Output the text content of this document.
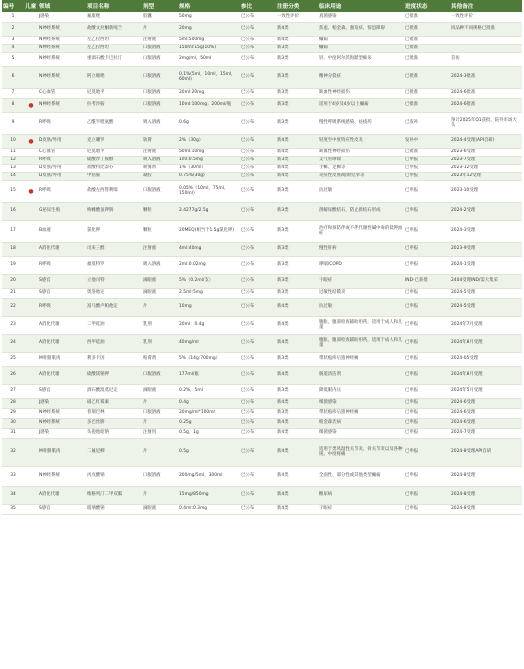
编号	儿童	领域	项目名称	剂型	规格	参比	注册分类	临床用途	进度状态	其他备注
1		J感染	氟康唑	胶囊	50mg	已公布	一致性评价	真菌感染	已批准	一致性评价
2		N神经系统	盐酸文拉酮新嘧兰	片	20mg	已公布	新4类	焦虑、帕金森、强迫症、惊恐障碍	已批准	同品种不同规格已批准
3		N神经系统	左乙拉西坦	注射液	5ml:500mg	已公布	新4类	癫痫	已批准	
4		N神经系统	左乙拉西坦	口服溶液	150ml:15g(10%)	已公布	新3类	癫痫	已批准	
5		N神经系统	重酒石酸卡巴拉汀	口服溶液	2mg/ml，50ml	已公布	新3类	轻、中度阿尔茨海默型痴呆	已批准	首仿
6		N神经系统	阿立哌唑	口服溶液	0.1%(5ml，10ml，15ml，60ml)	已公布	新3类	精神分裂症	已批准	2024-3批准
7		C心血管	尼莫地平	口服溶液	20ml:20mg	已公布	新3类	缺血性神经损伤	已批准	2024-6批准
8	●	N神经系统	拉考沙胺	口服溶液	10ml:100mg；200ml/瓶	已公布	新3类	适用于4岁及4岁以上癫痫	已批准	2024-6批准
9		R呼吸	乙酰半胱氨酸	吸入溶液	0.6g	已公布	新3类	慢性呼吸系统感染、祛痰药	已发补	预计2025年Q1获批，院外市场大头
10	●	D皮肤/外用	克立硼罗	软膏	2%（30g）	已公布	新4类	轻度至中度特应性皮炎	发补中	2024-4受理(API自研)
11		C心血管	尼莫地平	注射液	50ml:10mg	已公布	新4类	缺血性神经损伤	已批准	2023-6受理
12		R呼吸	硫酸沙丁胺醇	吸入溶液	1ml:0.5mg	已公布	新3类	支气管哮喘	已申报	2023-7受理
13		D皮肤/外用	盐酸特比萘芬	喷雾剂	1%（30ml）	已公布	新4类	手癣、足癣等	已申报	2023-12受理
14		D皮肤/外用	甲钴胺	凝胶	0.75%(30g)	已公布	新4类	炎症性皮肤/眼睑痉挛等	已申报	2023年12受理
15	●	R呼吸	盐酸左西替利嗪	口服溶液	0.05%（10ml，75ml，150ml）	已公布	新3类	抗过敏	已申报	2023-10受理
16		G泌尿生殖	枸橼酸氢钾钠	颗粒	2.4277g/2.5g	已公布	新3类	溶解尿酸结石，防止新结石形成	已申报	2024-2受理
17		B血液	氯化钾	颗粒	20MEQ(相当于1.5g氯化钾)	已公布	新3类	治疗和预防伴或不伴代谢性碱中毒的低钾血症	已申报	2024-3受理
18		A消化代谢	司来三醇	注射液	4ml:40mg	已公布	新3类	慢性肝病	已申报	2023-9受理
19		R呼吸	福莫特罗	吸入溶液	2ml:0.02mg	已公布	新3类	哮喘/COPD	已申报	2024-1受理
20		S感官	立他司特	滴眼液	5%（0.2ml/支）	已公布	新3类	干眼症	IND-已获批	2404受理IND/需大集采
21		S感官	奥洛他定	滴眼液	2.5ml:5mg	已公布	新3类	过敏性结膜炎	已申报	2024-5受理
22		R呼吸	富马酸卢帕他定	片	10mg	已公布	新4类	抗过敏	已申报	2024-5受理
23		A消化代谢	二甲硅油	乳剂	20ml：0.4g	已公布	新4类	腹胀，腹部检查辅助用药，适用于成人和儿童	已申报	2024年7月受理
24		A消化代谢	西甲硅油	乳剂	40mg/ml	已公布	新4类	腹胀，腹部检查辅助用药，适用于成人和儿童	已申报	2024年8月受理
25		M骨骼肌肉	利多卡因	贴膏剂	5%（14g:700mg）	已公布	新3类	带状疱疹后遗神经痛	已申报	2024-05受理
26		A消化代谢	硫酸镁钠钾	口服溶液	177ml/瓶	已公布	新4类	肠道清洁剂	已申报	2024年8月受理
27		S感官	酒石酸溴莫尼定	滴眼液	0.2%，5ml	已公布	新3类	降低眼内压	已申报	2024年5月受理
28		J感染	硝乙红霉素	片	0.4g	已公布	新4类	细菌感染	已申报	2024-6受理
29		N神经系统	普瑞巴林	口服溶液	20mg/ml*100ml	已公布	新3类	带状疱疹后遗神经痛	已申报	2024-6受理
30		N神经系统	多巴丝肼	片	0.25g	已公布	新4类	帕金森氏病	已申报	2024-6受理
31		J感染	头孢他啶钠	注射用	0.5g，1g	已公布	新4类	细菌感染	已申报	2024-7受理
32		M骨骼肌肉	二氟尼柳	片	0.5g	已公布	新4类	适用于类风湿性关节炎、骨关节炎以及各种钝、中度疼痛	已申报	2024-8受理API自研
33		N神经系统	丙戊酸钠	口服溶液	200mg/5ml，300ml	已公布	新4类	全面性、部分性或其他类型癫痫	已申报	2024-8受理
34		A消化代谢	维格列汀二甲双胍	片	15mg/850mg	已公布	新4类	糖尿病	已申报	2024-8受理
35		S感官	玻璃酸钠	滴眼液	0.4ml:0.3mg	已公布	新4类	干眼症	已申报	2024-8受理
